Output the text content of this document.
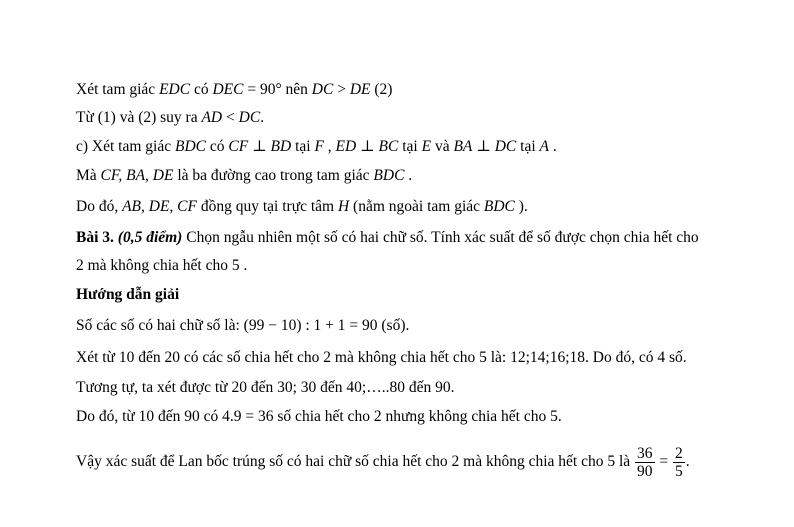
Xét tam giác EDC có DEC = 90° nên DC > DE (2)
Từ (1) và (2) suy ra AD < DC.
c) Xét tam giác BDC có CF ⊥ BD tại F , ED ⊥ BC tại E và BA ⊥ DC tại A .
Mà CF, BA, DE là ba đường cao trong tam giác BDC .
Do đó, AB, DE, CF đồng quy tại trực tâm H (nằm ngoài tam giác BDC ).
Bài 3. (0,5 điểm) Chọn ngẫu nhiên một số có hai chữ số. Tính xác suất để số được chọn chia hết cho
2 mà không chia hết cho 5 .
Hướng dẫn giải
Số các số có hai chữ số là: (99 − 10) : 1 + 1 = 90 (số).
Xét từ 10 đến 20 có các số chia hết cho 2 mà không chia hết cho 5 là: 12;14;16;18. Do đó, có 4 số.
Tương tự, ta xét được từ 20 đến 30; 30 đến 40;…..80 đến 90.
Do đó, từ 10 đến 90 có 4.9 = 36 số chia hết cho 2 nhưng không chia hết cho 5.
Vậy xác suất để Lan bốc trúng số có hai chữ số chia hết cho 2 mà không chia hết cho 5 là $\frac{36}{90} = \frac{2}{5}$ .
